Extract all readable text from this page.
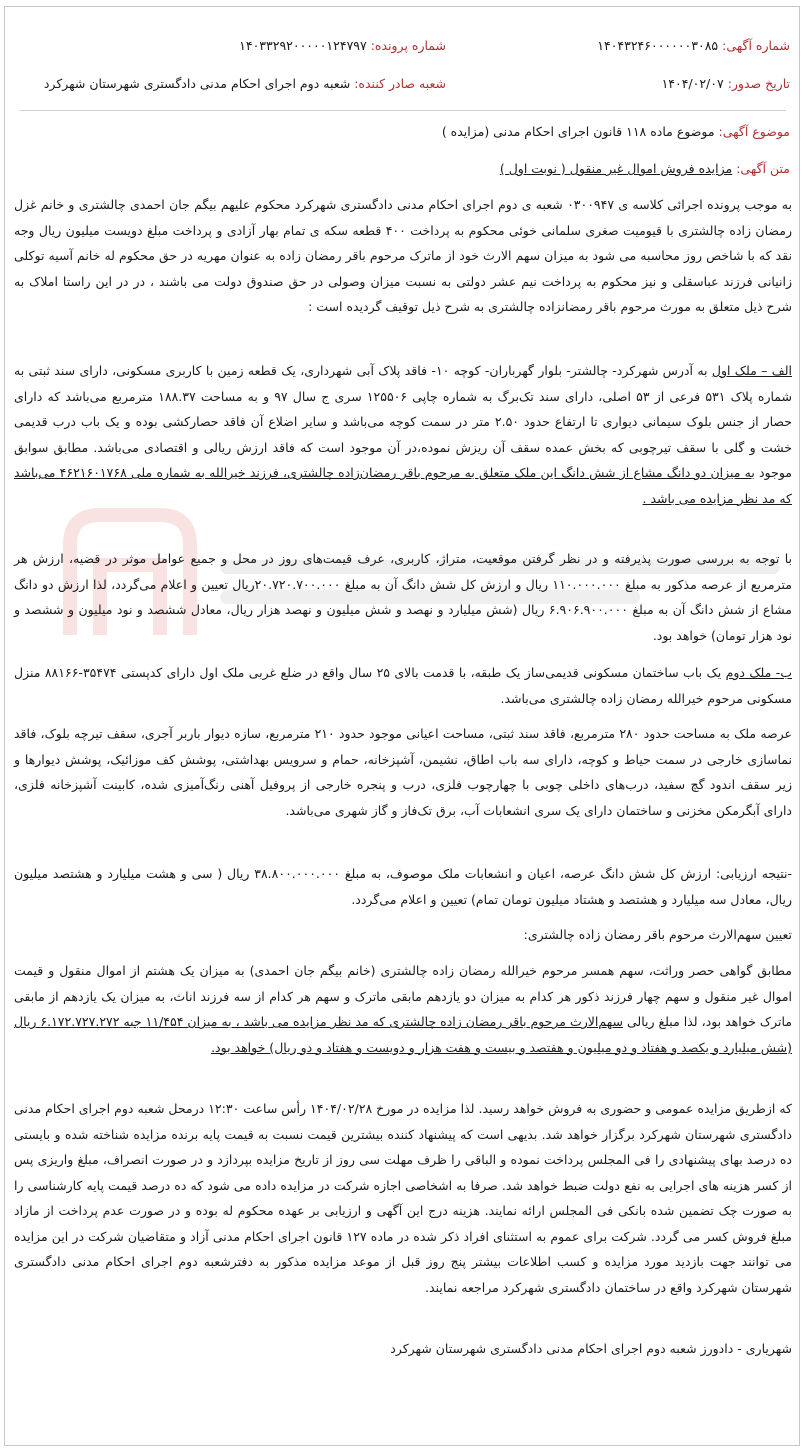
شماره آگهی: ۱۴۰۴۳۲۴۶۰۰۰۰۰۰۳۰۸۵
شماره پرونده: ۱۴۰۳۳۲۹۲۰۰۰۰۰۱۲۴۷۹۷
تاریخ صدور: ۱۴۰۴/۰۲/۰۷
شعبه صادر کننده: شعبه دوم اجرای احکام مدنی دادگستری شهرستان شهرکرد
موضوع آگهی: موضوع ماده ۱۱۸ قانون اجرای احکام مدنی (مزایده )
متن آگهی: مزایده فروش اموال غیر منقول ( نوبت اول )
به موجب پرونده اجرائی کلاسه ی ۰۳۰۰۹۴۷ شعبه ی دوم اجرای احکام مدنی دادگستری شهرکرد محکوم علیهم بیگم جان احمدی چالشتری و خانم غزل رمضان زاده چالشتری با قیومیت صغری سلمانی خوئی محکوم به پرداخت ۴۰۰ قطعه سکه ی تمام بهار آزادی و پرداخت مبلغ دویست میلیون ریال وجه نقد که با شاخص روز محاسبه می شود به میزان سهم الارث خود از ماترک مرحوم باقر رمضان زاده به عنوان مهریه در حق محکوم له خانم آسیه توکلی زانیانی فرزند عباسقلی و نیز محکوم به پرداخت نیم عشر دولتی به نسبت میزان وصولی در حق صندوق دولت می باشند ، در در این راستا املاک به شرح ذیل متعلق به مورث مرحوم باقر رمضانزاده چالشتری به شرح ذیل توقیف گردیده است :
الف – ملک اول به آدرس شهرکرد- چالشتر- بلوار گهرباران- کوچه ۱۰- فاقد پلاک آبی شهرداری، یک قطعه زمین با کاربری مسکونی، دارای سند ثبتی به شماره پلاک ۵۳۱ فرعی از ۵۳ اصلی، دارای سند تک‌برگ به شماره چاپی ۱۲۵۵۰۶ سری ج سال ۹۷ و به مساحت ۱۸۸.۳۷ مترمربع می‌باشد که دارای حصار از جنس بلوک سیمانی دیواری تا ارتفاع حدود ۲.۵۰ متر در سمت کوچه می‌باشد و سایر اضلاع آن فاقد حصارکشی بوده و یک باب درب قدیمی خشت و گلی با سقف تیرچوبی که بخش عمده سقف آن ریزش نموده،در آن موجود است که فاقد ارزش ریالی و اقتصادی می‌باشد. مطابق سوابق موجود به میزان دو دانگ مشاع از شش دانگ این ملک متعلق به مرحوم باقر رمضان‌زاده چالشتری، فرزند خیرالله به شماره ملی ۴۶۲۱۶۰۱۷۶۸ می‌باشد که مد نظر مزایده می باشد .
با توجه به بررسی صورت پذیرفته و در نظر گرفتن موقعیت، متراژ، کاربری، عرف قیمت‌های روز در محل و جمیع عوامل موثر در قضیه، ارزش هر مترمربع از عرصه مذکور به مبلغ ۱۱۰.۰۰۰.۰۰۰ ریال و ارزش کل شش دانگ آن به مبلغ ۲۰.۷۲۰.۷۰۰.۰۰۰ریال تعیین و اعلام می‌گردد، لذا ارزش دو دانگ مشاع از شش دانگ آن به مبلغ ۶.۹۰۶.۹۰۰.۰۰۰ ریال (شش میلیارد و نهصد و شش میلیون و نهصد هزار ریال، معادل ششصد و نود میلیون و ششصد و نود هزار تومان) خواهد بود.
ب- ملک دوم یک باب ساختمان مسکونی قدیمی‌ساز یک طبقه، با قدمت بالای ۲۵ سال واقع در ضلع غربی ملک اول دارای کدپستی ۳۵۴۷۴-۸۸۱۶۶ منزل مسکونی مرحوم خیرالله رمضان زاده چالشتری می‌باشد.
عرصه ملک به مساحت حدود ۲۸۰ مترمربع، فاقد سند ثبتی، مساحت اعیانی موجود حدود ۲۱۰ مترمربع، سازه دیوار باربر آجری، سقف تیرچه بلوک، فاقد نماسازی خارجی در سمت حیاط و کوچه، دارای سه باب اطاق، نشیمن، آشپزخانه، حمام و سرویس بهداشتی، پوشش کف موزائیک، پوشش دیوارها و زیر سقف اندود گچ سفید، درب‌های داخلی چوبی با چهارچوب فلزی، درب و پنجره خارجی از پروفیل آهنی رنگ‌آمیزی شده، کابینت آشپزخانه فلزی، دارای آبگرمکن مخزنی و ساختمان دارای یک سری انشعابات آب، برق تک‌فاز و گاز شهری می‌باشد.
-نتیجه ارزیابی: ارزش کل شش دانگ عرصه، اعیان و انشعابات ملک موصوف، به مبلغ ۳۸.۸۰۰.۰۰۰.۰۰۰ ریال ( سی و هشت میلیارد و هشتصد میلیون ریال، معادل سه میلیارد و هشتصد و هشتاد میلیون تومان تمام) تعیین و اعلام می‌گردد.
تعیین سهم‌الارث مرحوم باقر رمضان زاده چالشتری:
مطابق گواهی حصر وراثت، سهم همسر مرحوم خیرالله رمضان زاده چالشتری (خانم بیگم جان احمدی) به میزان یک هشتم از اموال منقول و قیمت اموال غیر منقول و سهم چهار فرزند ذکور هر کدام به میزان دو یازدهم مابقی ماترک و سهم هر کدام از سه فرزند اناث، به میزان یک یازدهم از مابقی ماترک خواهد بود، لذا مبلغ ریالی سهم‌الارث مرحوم باقر رمضان زاده چالشتری که مد نظر مزایده می باشد ، به میزان ۱۱/۴۵۴ جبه ۶.۱۷۲.۷۲۷.۲۷۲ ریال (شش میلیارد و یکصد و هفتاد و دو میلیون و هفتصد و بیست و هفت هزار و دویست و هفتاد و دو ریال) خواهد بود.
که ازطریق مزایده عمومی و حضوری به فروش خواهد رسید. لذا مزایده در مورخ ۱۴۰۴/۰۲/۲۸ رأس ساعت ۱۲:۳۰ درمحل شعبه دوم اجرای احکام مدنی دادگستری شهرستان شهرکرد برگزار خواهد شد. بدیهی است که پیشنهاد کننده بیشترین قیمت نسبت به قیمت پایه برنده مزایده شناخته شده و بایستی ده درصد بهای پیشنهادی را فی المجلس پرداخت نموده و الباقی را ظرف مهلت سی روز از تاریخ مزایده بپردازد و در صورت انصراف، مبلغ واریزی پس از کسر هزینه های اجرایی به نفع دولت ضبط خواهد شد. صرفا به اشخاصی اجازه شرکت در مزایده داده می شود که ده درصد قیمت پایه کارشناسی را به صورت چک تضمین شده بانکی فی المجلس ارائه نمایند. هزینه درج این آگهی و ارزیابی بر عهده محکوم له بوده و در صورت عدم پرداخت از مازاد مبلغ فروش کسر می گردد. شرکت برای عموم به استثنای افراد ذکر شده در ماده ۱۲۷ قانون اجرای احکام مدنی آزاد و متقاضیان شرکت در این مزایده می توانند جهت بازدید مورد مزایده و کسب اطلاعات بیشتر پنج روز قبل از موعد مزایده مذکور به دفترشعبه دوم اجرای احکام مدنی دادگستری شهرستان شهرکرد واقع در ساختمان دادگستری شهرکرد مراجعه نمایند.
شهریاری - دادورز شعبه دوم اجرای احکام مدنی دادگستری شهرستان شهرکرد
